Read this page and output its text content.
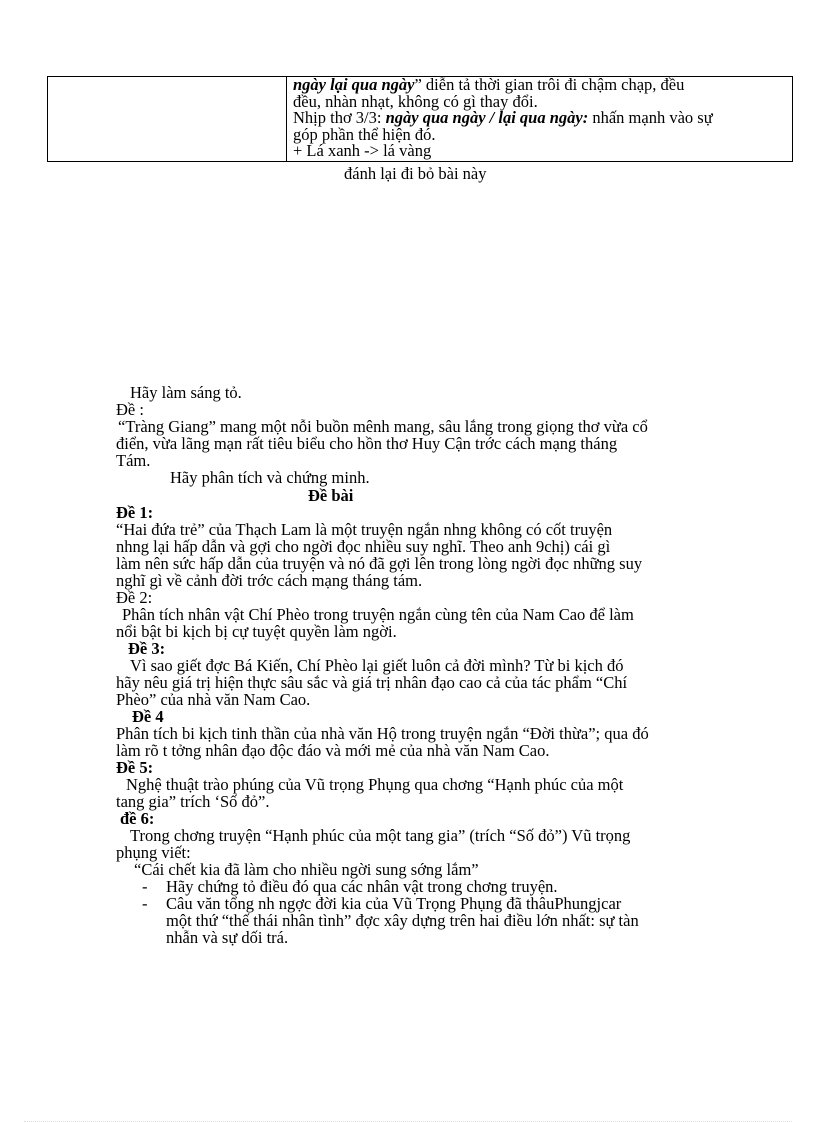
ngày lại qua ngày” diễn tả thời gian trôi đi chậm chạp, đều
đều, nhàn nhạt, không có gì thay đổi.
Nhịp thơ 3/3: ngày qua ngày / lại qua ngày: nhấn mạnh vào sự
góp phần thể hiện đó.
+ Lá xanh -> lá vàng
đánh lại đi bỏ bài này
Hãy làm sáng tỏ.
Đề :
“Tràng Giang” mang một nỗi buồn mênh mang, sâu lắng trong giọng thơ vừa cổ
điển, vừa lãng mạn rất tiêu biểu cho hồn thơ Huy Cận trớc cách mạng tháng
Tám.
Hãy phân tích và chứng minh.
Đề bài
Đề 1:
“Hai đứa trẻ” của Thạch Lam là một truyện ngắn nhng không có cốt truyện
nhng lại hấp dẫn và gợi cho ngời đọc nhiều suy nghĩ. Theo anh 9chị) cái gì
làm nên sức hấp dẫn của truyện và nó đã gợi lên trong lòng ngời đọc những suy
nghĩ gì về cảnh đời trớc cách mạng tháng tám.
Đề 2:
Phân tích nhân vật Chí Phèo trong truyện ngắn cùng tên của Nam Cao để làm
nổi bật bi kịch bị cự tuyệt quyền làm ngời.
Đề 3:
Vì sao giết đợc Bá Kiến, Chí Phèo lại giết luôn cả đời mình? Từ bi kịch đó
hãy nêu giá trị hiện thực sâu sắc và giá trị nhân đạo cao cả của tác phẩm “Chí
Phèo” của nhà văn Nam Cao.
Đề 4
Phân tích bi kịch tinh thần của nhà văn Hộ trong truyện ngắn “Đời thừa”; qua đó
làm rõ t tởng nhân đạo độc đáo và mới mẻ của nhà văn Nam Cao.
Đề 5:
Nghệ thuật trào phúng của Vũ trọng Phụng qua chơng “Hạnh phúc của một
tang gia” trích ‘Số đỏ”.
đề 6:
Trong chơng truyện “Hạnh phúc của một tang gia” (trích “Số đỏ”) Vũ trọng
phụng viết:
“Cái chết kia đã làm cho nhiều ngời sung sớng lắm”
- Hãy chứng tỏ điều đó qua các nhân vật trong chơng truyện.
- Câu văn tổng nh ngợc đời kia của Vũ Trọng Phụng đã thâuPhungjcar
một thứ “thế thái nhân tình” đợc xây dựng trên hai điều lớn nhất: sự tàn
nhẫn và sự dối trá.
